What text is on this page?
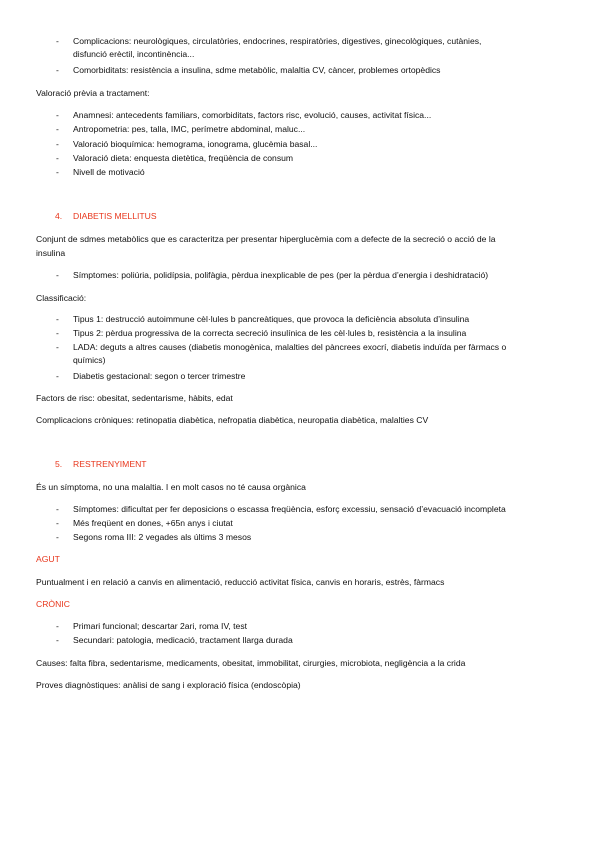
- Complicacions: neurològiques, circulatòries, endocrines, respiratòries, digestives, ginecològiques, cutànies,
disfunció erèctil, incontinència...
- Comorbiditats: resistència a insulina, sdme metabòlic, malaltia CV, càncer, problemes ortopèdics
Valoració prèvia a tractament:
- Anamnesi: antecedents familiars, comorbiditats, factors risc, evolució, causes, activitat física...
- Antropometria: pes, talla, IMC, perímetre abdominal, maluc...
- Valoració bioquímica: hemograma, ionograma, glucèmia basal...
- Valoració dieta: enquesta dietètica, freqüència de consum
- Nivell de motivació
4. DIABETIS MELLITUS
Conjunt de sdmes metabòlics que es caracteritza per presentar hiperglucèmia com a defecte de la secreció o acció de la
insulina
- Símptomes: poliúria, polidípsia, polifàgia, pèrdua inexplicable de pes (per la pèrdua d’energia i deshidratació)
Classificació:
- Tipus 1: destrucció autoimmune cèl·lules b pancreàtiques, que provoca la deficiència absoluta d’insulina
- Tipus 2: pèrdua progressiva de la correcta secreció insulínica de les cèl·lules b, resistència a la insulina
- LADA: deguts a altres causes (diabetis monogènica, malalties del pàncrees exocrí, diabetis induïda per fàrmacs o
químics)
- Diabetis gestacional: segon o tercer trimestre
Factors de risc: obesitat, sedentarisme, hàbits, edat
Complicacions cròniques: retinopatia diabètica, nefropatia diabètica, neuropatia diabètica, malalties CV
5. RESTRENYIMENT
És un símptoma, no una malaltia. I en molt casos no té causa orgànica
- Símptomes: dificultat per fer deposicions o escassa freqüència, esforç excessiu, sensació d’evacuació incompleta
- Més freqüent en dones, +65n anys i ciutat
- Segons roma III: 2 vegades als últims 3 mesos
AGUT
Puntualment i en relació a canvis en alimentació, reducció activitat física, canvis en horaris, estrès, fàrmacs
CRÒNIC
- Primari funcional; descartar 2ari, roma IV, test
- Secundari: patologia, medicació, tractament llarga durada
Causes: falta fibra, sedentarisme, medicaments, obesitat, immobilitat, cirurgies, microbiota, negligència a la crida
Proves diagnòstiques: anàlisi de sang i exploració física (endoscòpia)
